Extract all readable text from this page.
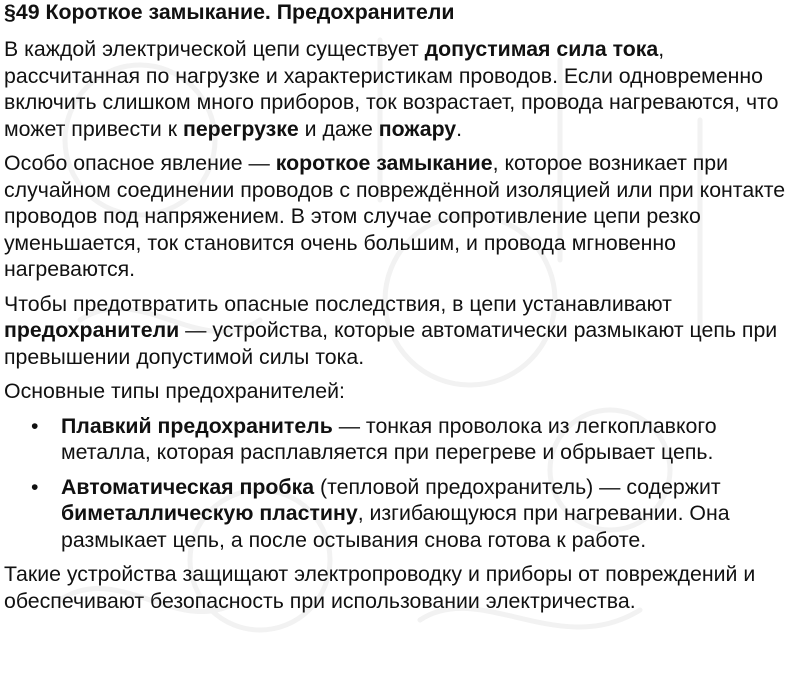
§49 Короткое замыкание. Предохранители

В каждой электрической цепи существует допустимая сила тока, рассчитанная по нагрузке и характеристикам проводов. Если одновременно включить слишком много приборов, ток возрастает, провода нагреваются, что может привести к перегрузке и даже пожару.

Особо опасное явление — короткое замыкание, которое возникает при случайном соединении проводов с повреждённой изоляцией или при контакте проводов под напряжением. В этом случае сопротивление цепи резко уменьшается, ток становится очень большим, и провода мгновенно нагреваются.

Чтобы предотвратить опасные последствия, в цепи устанавливают предохранители — устройства, которые автоматически размыкают цепь при превышении допустимой силы тока.

Основные типы предохранителей:

• Плавкий предохранитель — тонкая проволока из легкоплавкого металла, которая расплавляется при перегреве и обрывает цепь.
• Автоматическая пробка (тепловой предохранитель) — содержит биметаллическую пластину, изгибающуюся при нагревании. Она размыкает цепь, а после остывания снова готова к работе.

Такие устройства защищают электропроводку и приборы от повреждений и обеспечивают безопасность при использовании электричества.
